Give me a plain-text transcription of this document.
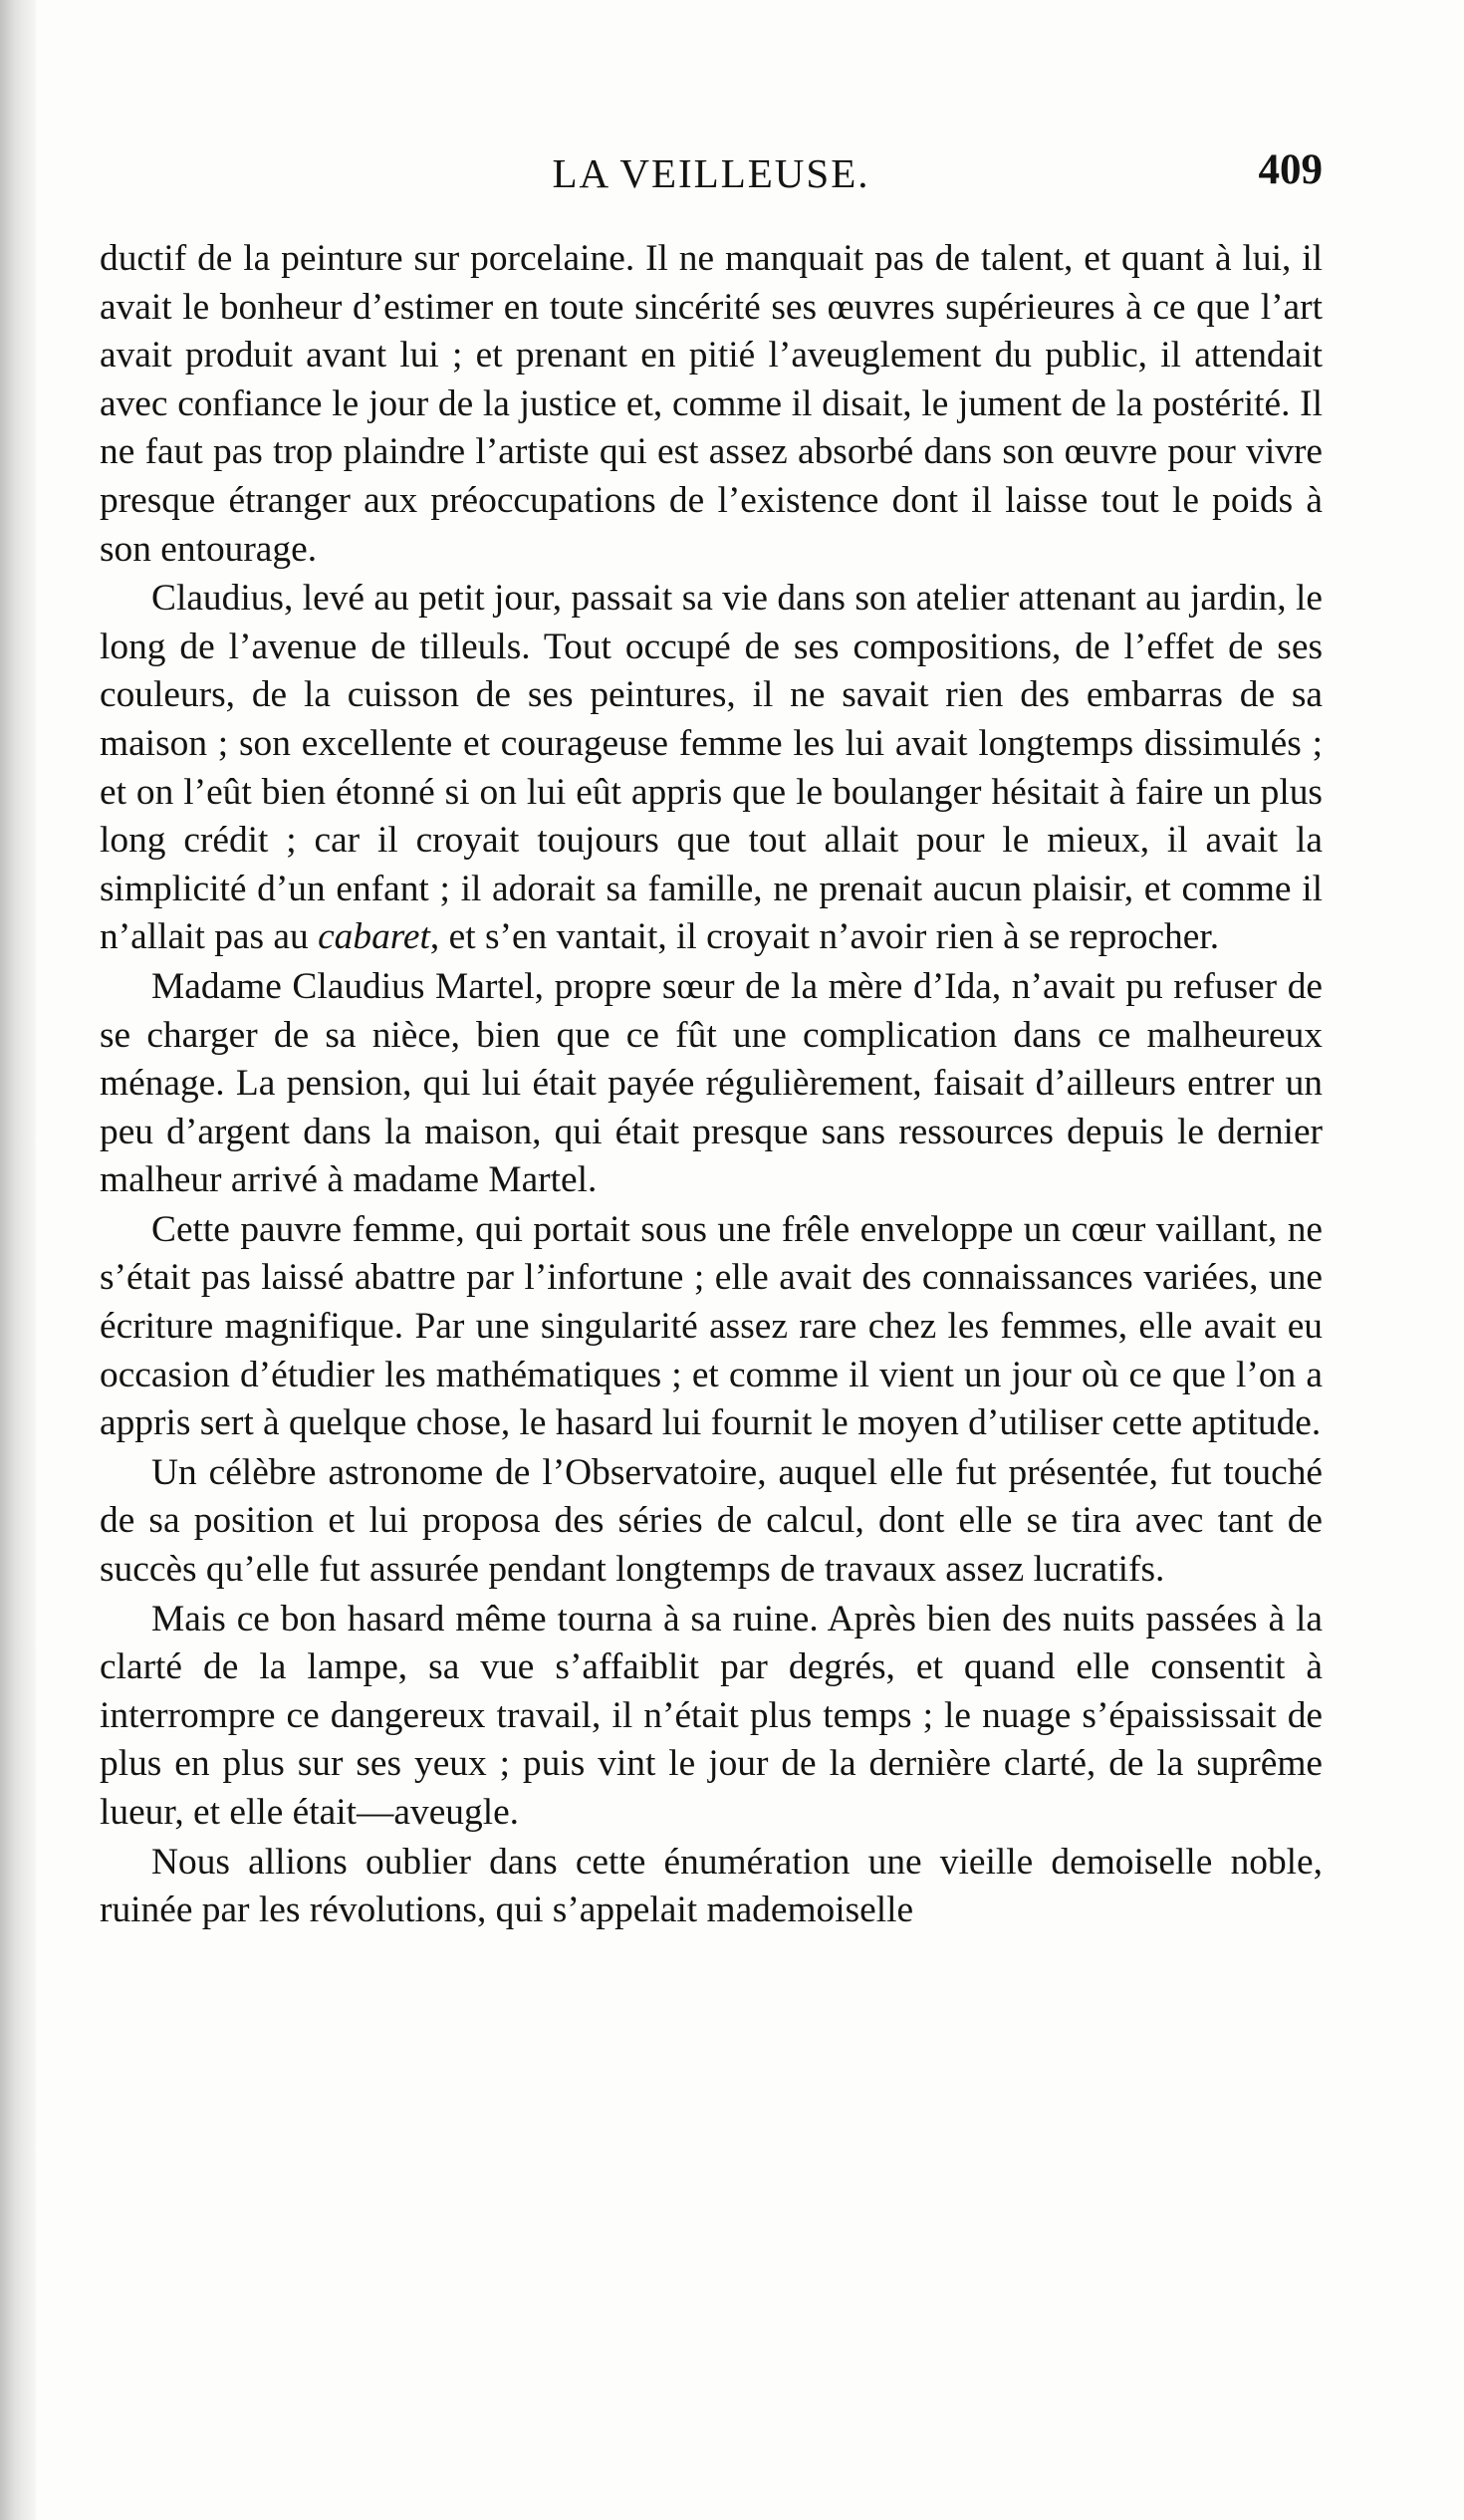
LA VEILLEUSE.	409

ductif de la peinture sur porcelaine. Il ne manquait pas de talent, et quant à lui, il avait le bonheur d’estimer en toute sincérité ses œuvres supérieures à ce que l’art avait produit avant lui ; et prenant en pitié l’aveuglement du public, il attendait avec confiance le jour de la justice et, comme il disait, le jument de la postérité. Il ne faut pas trop plaindre l’artiste qui est assez absorbé dans son œuvre pour vivre presque étranger aux préoccupations de l’existence dont il laisse tout le poids à son entourage.

Claudius, levé au petit jour, passait sa vie dans son atelier attenant au jardin, le long de l’avenue de tilleuls. Tout occupé de ses compositions, de l’effet de ses couleurs, de la cuisson de ses peintures, il ne savait rien des embarras de sa maison ; son excellente et courageuse femme les lui avait longtemps dissimulés ; et on l’eût bien étonné si on lui eût appris que le boulanger hésitait à faire un plus long crédit ; car il croyait toujours que tout allait pour le mieux, il avait la simplicité d’un enfant ; il adorait sa famille, ne prenait aucun plaisir, et comme il n’allait pas au cabaret, et s’en vantait, il croyait n’avoir rien à se reprocher.

Madame Claudius Martel, propre sœur de la mère d’Ida, n’avait pu refuser de se charger de sa nièce, bien que ce fût une complication dans ce malheureux ménage. La pension, qui lui était payée régulièrement, faisait d’ailleurs entrer un peu d’argent dans la maison, qui était presque sans ressources depuis le dernier malheur arrivé à madame Martel.

Cette pauvre femme, qui portait sous une frêle enveloppe un cœur vaillant, ne s’était pas laissé abattre par l’infortune ; elle avait des connaissances variées, une écriture magnifique. Par une singularité assez rare chez les femmes, elle avait eu occasion d’étudier les mathématiques ; et comme il vient un jour où ce que l’on a appris sert à quelque chose, le hasard lui fournit le moyen d’utiliser cette aptitude.

Un célèbre astronome de l’Observatoire, auquel elle fut présentée, fut touché de sa position et lui proposa des séries de calcul, dont elle se tira avec tant de succès qu’elle fut assurée pendant longtemps de travaux assez lucratifs.

Mais ce bon hasard même tourna à sa ruine. Après bien des nuits passées à la clarté de la lampe, sa vue s’affaiblit par degrés, et quand elle consentit à interrompre ce dangereux travail, il n’était plus temps ; le nuage s’épaississait de plus en plus sur ses yeux ; puis vint le jour de la dernière clarté, de la suprême lueur, et elle était—aveugle.

Nous allions oublier dans cette énumération une vieille demoiselle noble, ruinée par les révolutions, qui s’appelait mademoiselle
